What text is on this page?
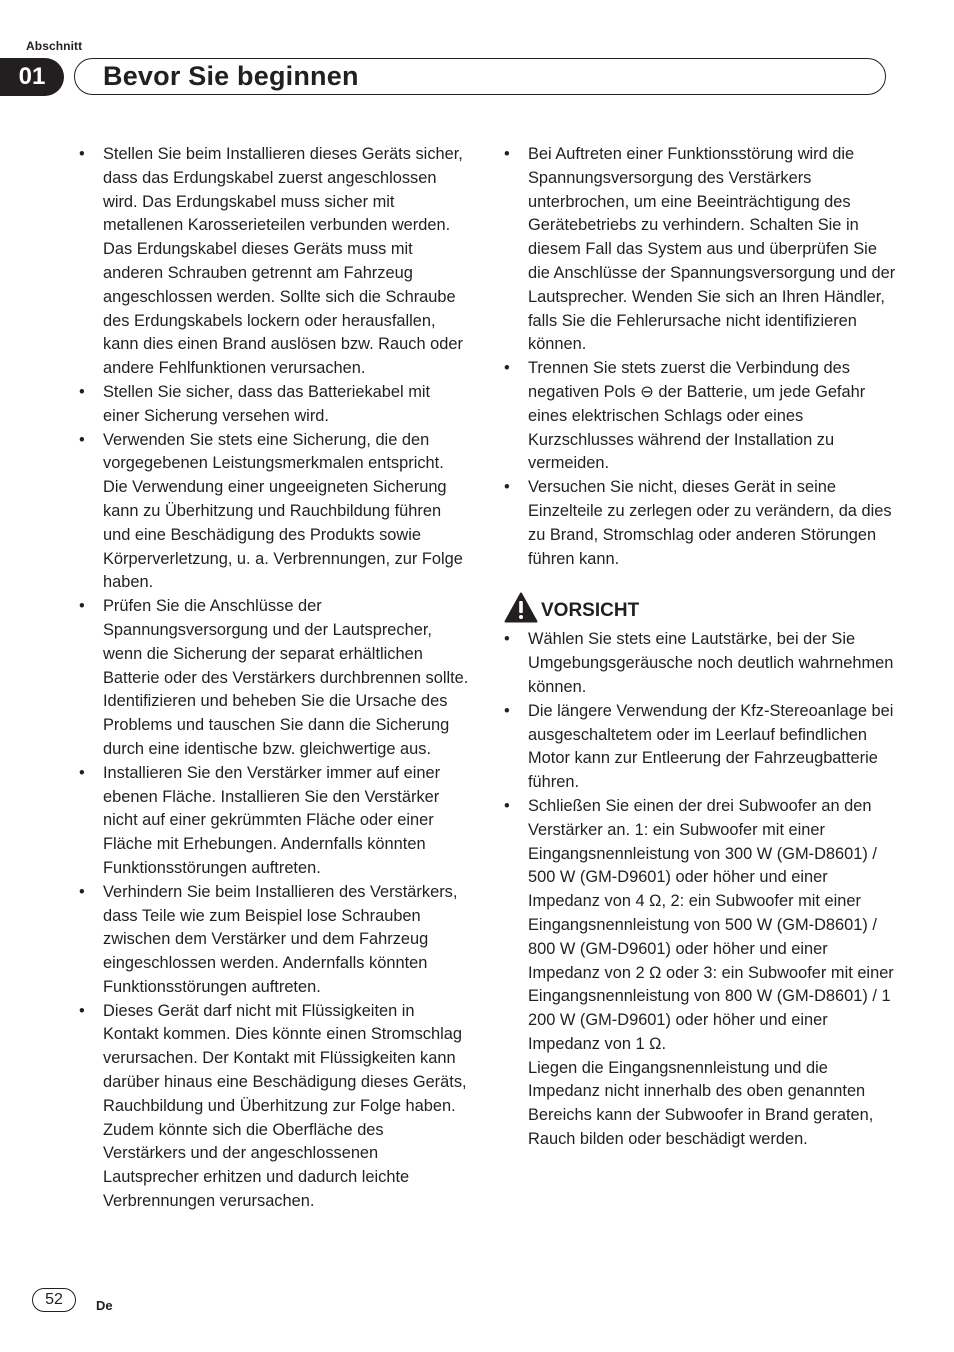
Abschnitt
01	Bevor Sie beginnen
• Stellen Sie beim Installieren dieses Geräts sicher, dass das Erdungskabel zuerst angeschlossen wird. Das Erdungskabel muss sicher mit metallenen Karosserieteilen verbunden werden. Das Erdungskabel dieses Geräts muss mit anderen Schrauben getrennt am Fahrzeug angeschlossen werden. Sollte sich die Schraube des Erdungskabels lockern oder herausfallen, kann dies einen Brand auslösen bzw. Rauch oder andere Fehlfunktionen verursachen.
• Stellen Sie sicher, dass das Batteriekabel mit einer Sicherung versehen wird.
• Verwenden Sie stets eine Sicherung, die den vorgegebenen Leistungsmerkmalen entspricht. Die Verwendung einer ungeeigneten Sicherung kann zu Überhitzung und Rauchbildung führen und eine Beschädigung des Produkts sowie Körperverletzung, u. a. Verbrennungen, zur Folge haben.
• Prüfen Sie die Anschlüsse der Spannungsversorgung und der Lautsprecher, wenn die Sicherung der separat erhältlichen Batterie oder des Verstärkers durchbrennen sollte. Identifizieren und beheben Sie die Ursache des Problems und tauschen Sie dann die Sicherung durch eine identische bzw. gleichwertige aus.
• Installieren Sie den Verstärker immer auf einer ebenen Fläche. Installieren Sie den Verstärker nicht auf einer gekrümmten Fläche oder einer Fläche mit Erhebungen. Andernfalls könnten Funktionsstörungen auftreten.
• Verhindern Sie beim Installieren des Verstärkers, dass Teile wie zum Beispiel lose Schrauben zwischen dem Verstärker und dem Fahrzeug eingeschlossen werden. Andernfalls könnten Funktionsstörungen auftreten.
• Dieses Gerät darf nicht mit Flüssigkeiten in Kontakt kommen. Dies könnte einen Stromschlag verursachen. Der Kontakt mit Flüssigkeiten kann darüber hinaus eine Beschädigung dieses Geräts, Rauchbildung und Überhitzung zur Folge haben.
Zudem könnte sich die Oberfläche des Verstärkers und der angeschlossenen Lautsprecher erhitzen und dadurch leichte Verbrennungen verursachen.
• Bei Auftreten einer Funktionsstörung wird die Spannungsversorgung des Verstärkers unterbrochen, um eine Beeinträchtigung des Gerätebetriebs zu verhindern. Schalten Sie in diesem Fall das System aus und überprüfen Sie die Anschlüsse der Spannungsversorgung und der Lautsprecher. Wenden Sie sich an Ihren Händler, falls Sie die Fehlerursache nicht identifizieren können.
• Trennen Sie stets zuerst die Verbindung des negativen Pols ⊖ der Batterie, um jede Gefahr eines elektrischen Schlags oder eines Kurzschlusses während der Installation zu vermeiden.
• Versuchen Sie nicht, dieses Gerät in seine Einzelteile zu zerlegen oder zu verändern, da dies zu Brand, Stromschlag oder anderen Störungen führen kann.
VORSICHT
• Wählen Sie stets eine Lautstärke, bei der Sie Umgebungsgeräusche noch deutlich wahrnehmen können.
• Die längere Verwendung der Kfz-Stereoanlage bei ausgeschaltetem oder im Leerlauf befindlichen Motor kann zur Entleerung der Fahrzeugbatterie führen.
• Schließen Sie einen der drei Subwoofer an den Verstärker an. 1: ein Subwoofer mit einer Eingangsnennleistung von 300 W (GM-D8601) / 500 W (GM-D9601) oder höher und einer Impedanz von 4 Ω, 2: ein Subwoofer mit einer Eingangsnennleistung von 500 W (GM-D8601) / 800 W (GM-D9601) oder höher und einer Impedanz von 2 Ω oder 3: ein Subwoofer mit einer Eingangsnennleistung von 800 W (GM-D8601) / 1 200 W (GM-D9601) oder höher und einer Impedanz von 1 Ω.
Liegen die Eingangsnennleistung und die Impedanz nicht innerhalb des oben genannten Bereichs kann der Subwoofer in Brand geraten, Rauch bilden oder beschädigt werden.
52	De
